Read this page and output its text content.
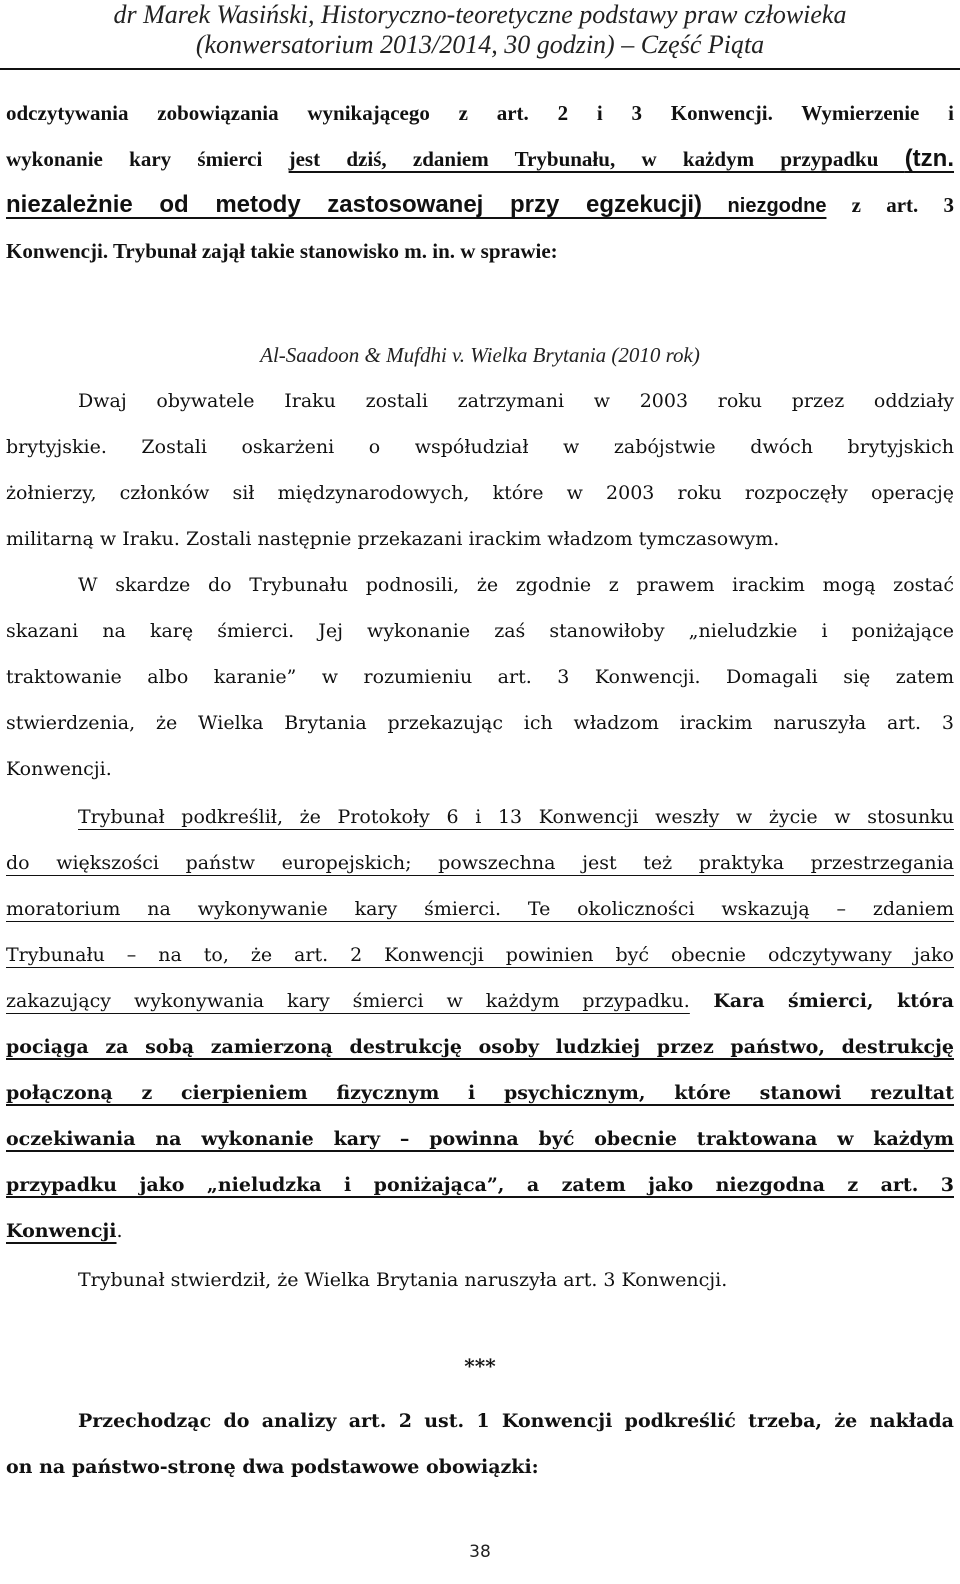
dr Marek Wasiński, Historyczno-teoretyczne podstawy praw człowieka
(konwersatorium 2013/2014, 30 godzin) – Część Piąta
odczytywania zobowiązania wynikającego z art. 2 i 3 Konwencji. Wymierzenie i
wykonanie kary śmierci jest dziś, zdaniem Trybunału, w każdym przypadku (tzn.
niezależnie od metody zastosowanej przy egzekucji) niezgodne z art. 3
Konwencji. Trybunał zajął takie stanowisko m. in. w sprawie:
Al-Saadoon & Mufdhi v. Wielka Brytania (2010 rok)
Dwaj obywatele Iraku zostali zatrzymani w 2003 roku przez oddziały
brytyjskie. Zostali oskarżeni o współudział w zabójstwie dwóch brytyjskich
żołnierzy, członków sił międzynarodowych, które w 2003 roku rozpoczęły operację
militarną w Iraku. Zostali następnie przekazani irackim władzom tymczasowym.
W skardze do Trybunału podnosili, że zgodnie z prawem irackim mogą zostać
skazani na karę śmierci. Jej wykonanie zaś stanowiłoby „nieludzkie i poniżające
traktowanie albo karanie” w rozumieniu art. 3 Konwencji. Domagali się zatem
stwierdzenia, że Wielka Brytania przekazując ich władzom irackim naruszyła art. 3
Konwencji.
Trybunał podkreślił, że Protokoły 6 i 13 Konwencji weszły w życie w stosunku
do większości państw europejskich; powszechna jest też praktyka przestrzegania
moratorium na wykonywanie kary śmierci. Te okoliczności wskazują – zdaniem
Trybunału – na to, że art. 2 Konwencji powinien być obecnie odczytywany jako
zakazujący wykonywania kary śmierci w każdym przypadku. Kara śmierci, która
pociąga za sobą zamierzoną destrukcję osoby ludzkiej przez państwo, destrukcję
połączoną z cierpieniem fizycznym i psychicznym, które stanowi rezultat
oczekiwania na wykonanie kary – powinna być obecnie traktowana w każdym
przypadku jako „nieludzka i poniżająca”, a zatem jako niezgodna z art. 3
Konwencji.
Trybunał stwierdził, że Wielka Brytania naruszyła art. 3 Konwencji.
***
Przechodząc do analizy art. 2 ust. 1 Konwencji podkreślić trzeba, że nakłada
on na państwo-stronę dwa podstawowe obowiązki:
38
